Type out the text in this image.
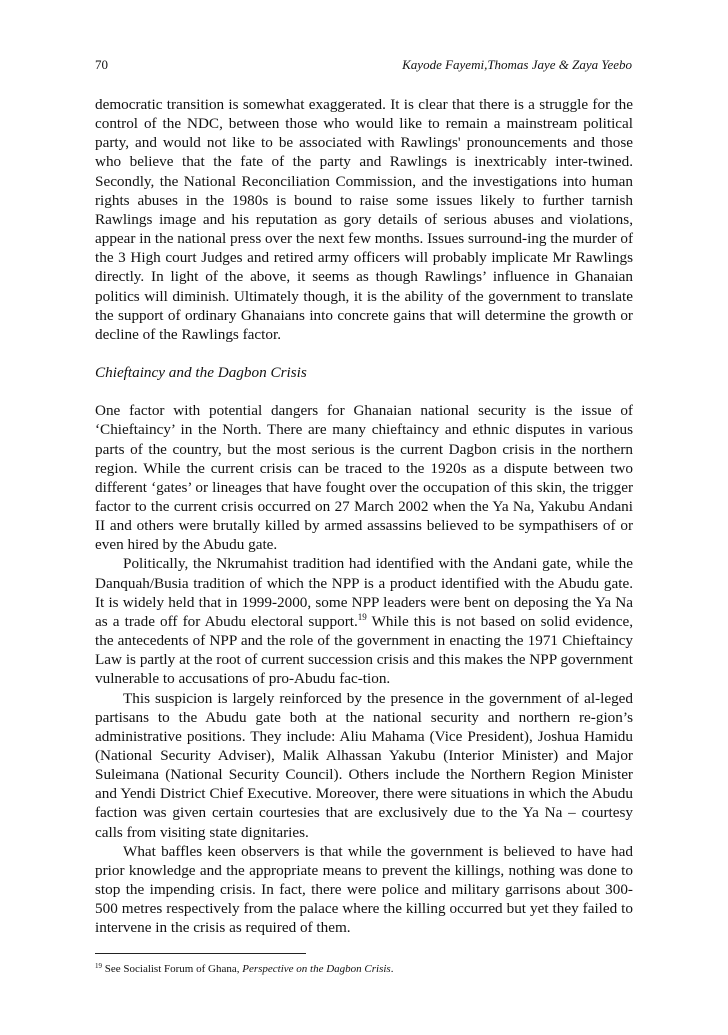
70	Kayode Fayemi,Thomas Jaye & Zaya Yeebo

democratic transition is somewhat exaggerated. It is clear that there is a struggle for the control of the NDC, between those who would like to remain a mainstream political party, and would not like to be associated with Rawlings' pronouncements and those who believe that the fate of the party and Rawlings is inextricably inter-twined. Secondly, the National Reconciliation Commission, and the investigations into human rights abuses in the 1980s is bound to raise some issues likely to further tarnish Rawlings image and his reputation as gory details of serious abuses and violations, appear in the national press over the next few months. Issues surround-ing the murder of the 3 High court Judges and retired army officers will probably implicate Mr Rawlings directly. In light of the above, it seems as though Rawlings’ influence in Ghanaian politics will diminish. Ultimately though, it is the ability of the government to translate the support of ordinary Ghanaians into concrete gains that will determine the growth or decline of the Rawlings factor.

Chieftaincy and the Dagbon Crisis

One factor with potential dangers for Ghanaian national security is the issue of ‘Chieftaincy’ in the North. There are many chieftaincy and ethnic disputes in various parts of the country, but the most serious is the current Dagbon crisis in the northern region. While the current crisis can be traced to the 1920s as a dispute between two different ‘gates’ or lineages that have fought over the occupation of this skin, the trigger factor to the current crisis occurred on 27 March 2002 when the Ya Na, Yakubu Andani II and others were brutally killed by armed assassins believed to be sympathisers of or even hired by the Abudu gate.

Politically, the Nkrumahist tradition had identified with the Andani gate, while the Danquah/Busia tradition of which the NPP is a product identified with the Abudu gate. It is widely held that in 1999-2000, some NPP leaders were bent on deposing the Ya Na as a trade off for Abudu electoral support.$^{19}$ While this is not based on solid evidence, the antecedents of NPP and the role of the government in enacting the 1971 Chieftaincy Law is partly at the root of current succession crisis and this makes the NPP government vulnerable to accusations of pro-Abudu fac-tion.

This suspicion is largely reinforced by the presence in the government of al-leged partisans to the Abudu gate both at the national security and northern re-gion’s administrative positions. They include: Aliu Mahama (Vice President), Joshua Hamidu (National Security Adviser), Malik Alhassan Yakubu (Interior Minister) and Major Suleimana (National Security Council). Others include the Northern Region Minister and Yendi District Chief Executive. Moreover, there were situations in which the Abudu faction was given certain courtesies that are exclusively due to the Ya Na – courtesy calls from visiting state dignitaries.

What baffles keen observers is that while the government is believed to have had prior knowledge and the appropriate means to prevent the killings, nothing was done to stop the impending crisis. In fact, there were police and military garrisons about 300-500 metres respectively from the palace where the killing occurred but yet they failed to intervene in the crisis as required of them.

$^{19}$ See Socialist Forum of Ghana, Perspective on the Dagbon Crisis.
